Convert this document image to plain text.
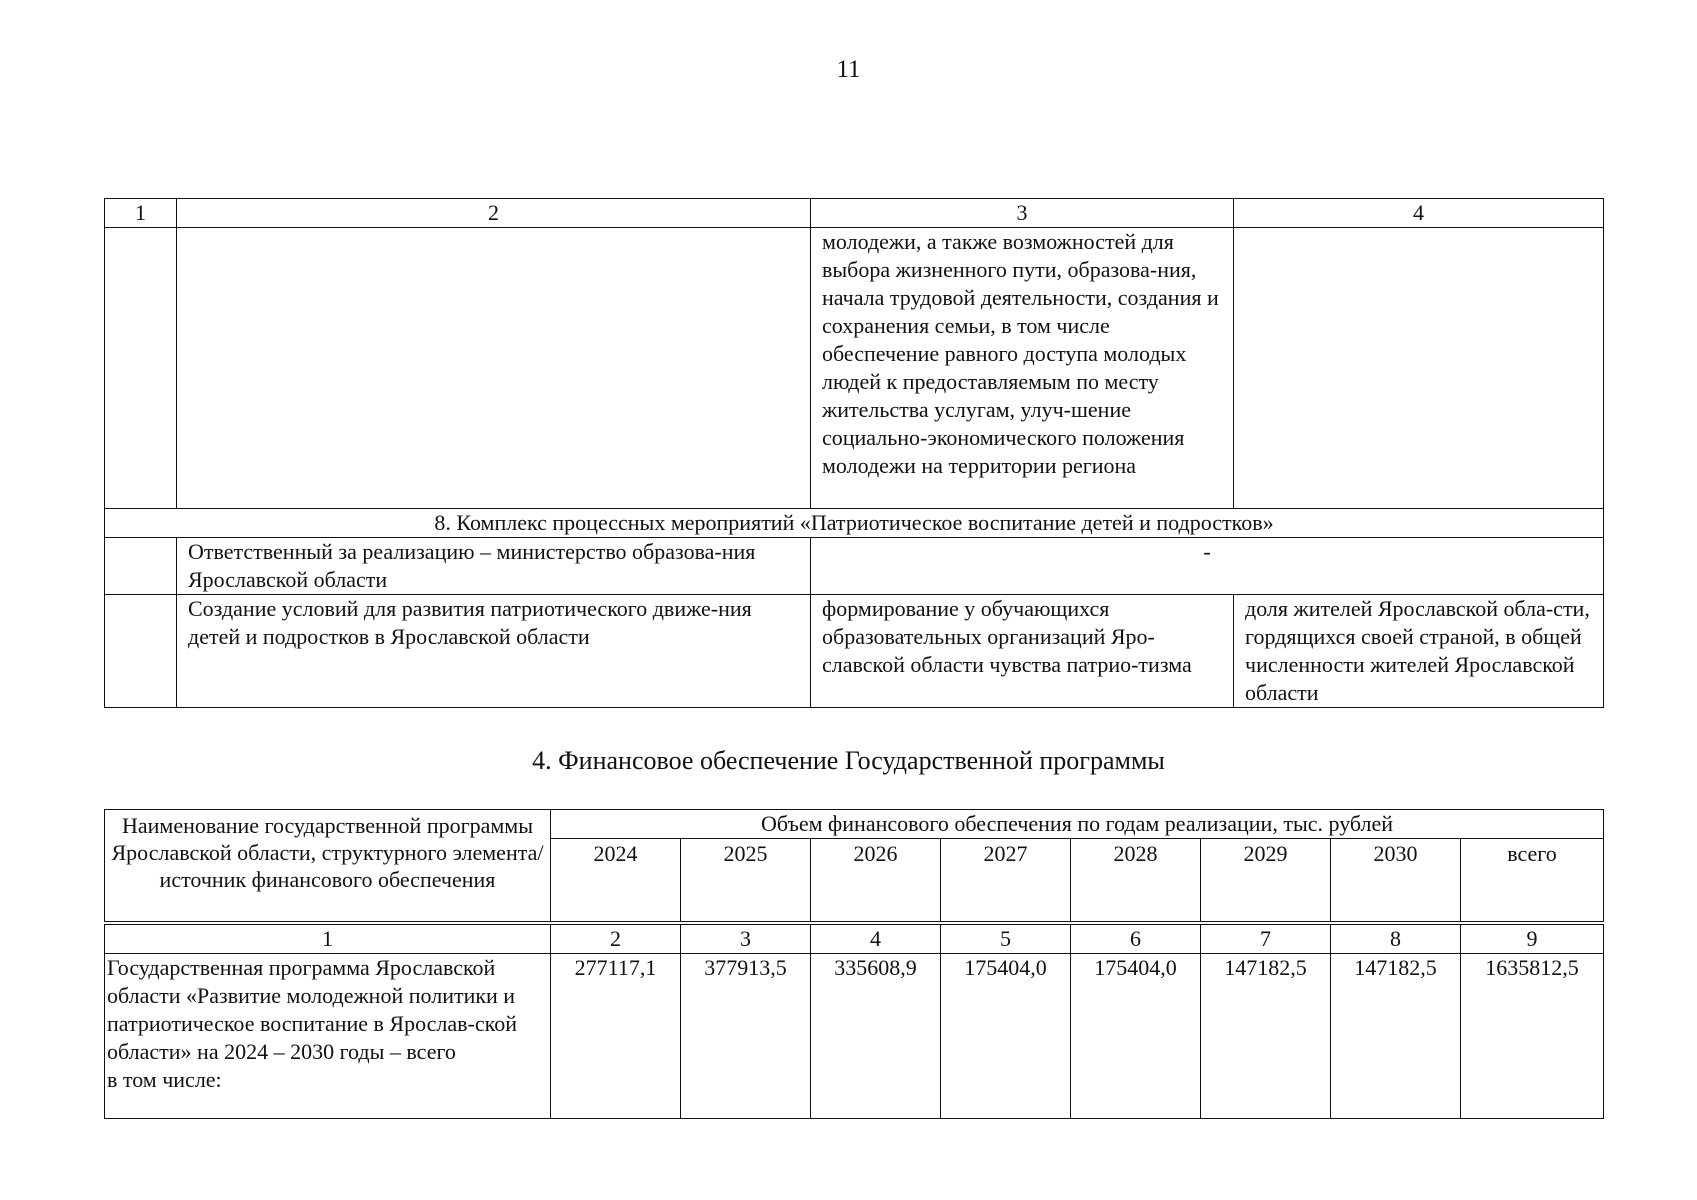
11
1	2	3	4
		молодежи, а также возможностей для выбора жизненного пути, образова-ния, начала трудовой деятельности, создания и сохранения семьи, в том числе обеспечение равного доступа молодых людей к предоставляемым по месту жительства услугам, улуч-шение социально-экономического положения молодежи на территории региона	
8. Комплекс процессных мероприятий «Патриотическое воспитание детей и подростков»			
	Ответственный за реализацию – министерство образова-ния Ярославской области	-	
	Создание условий для развития патриотического движе-ния детей и подростков в Ярославской области	формирование у обучающихся образовательных организаций Яро-славской области чувства патрио-тизма	доля жителей Ярославской обла-сти, гордящихся своей страной, в общей численности жителей Ярославской области
4. Финансовое обеспечение Государственной программы
Наименование государственной программы Ярославской области, структурного элемента/ источник финансового обеспечения	Объем финансового обеспечения по годам реализации, тыс. рублей							
	2024	2025	2026	2027	2028	2029	2030	всего
1	2	3	4	5	6	7	8	9

Государственная программа Ярославской области «Развитие молодежной политики и патриотическое воспитание в Ярослав-ской области» на 2024 – 2030 годы – всего
в том числе:	277117,1	377913,5	335608,9	175404,0	175404,0	147182,5	147182,5	1635812,5
